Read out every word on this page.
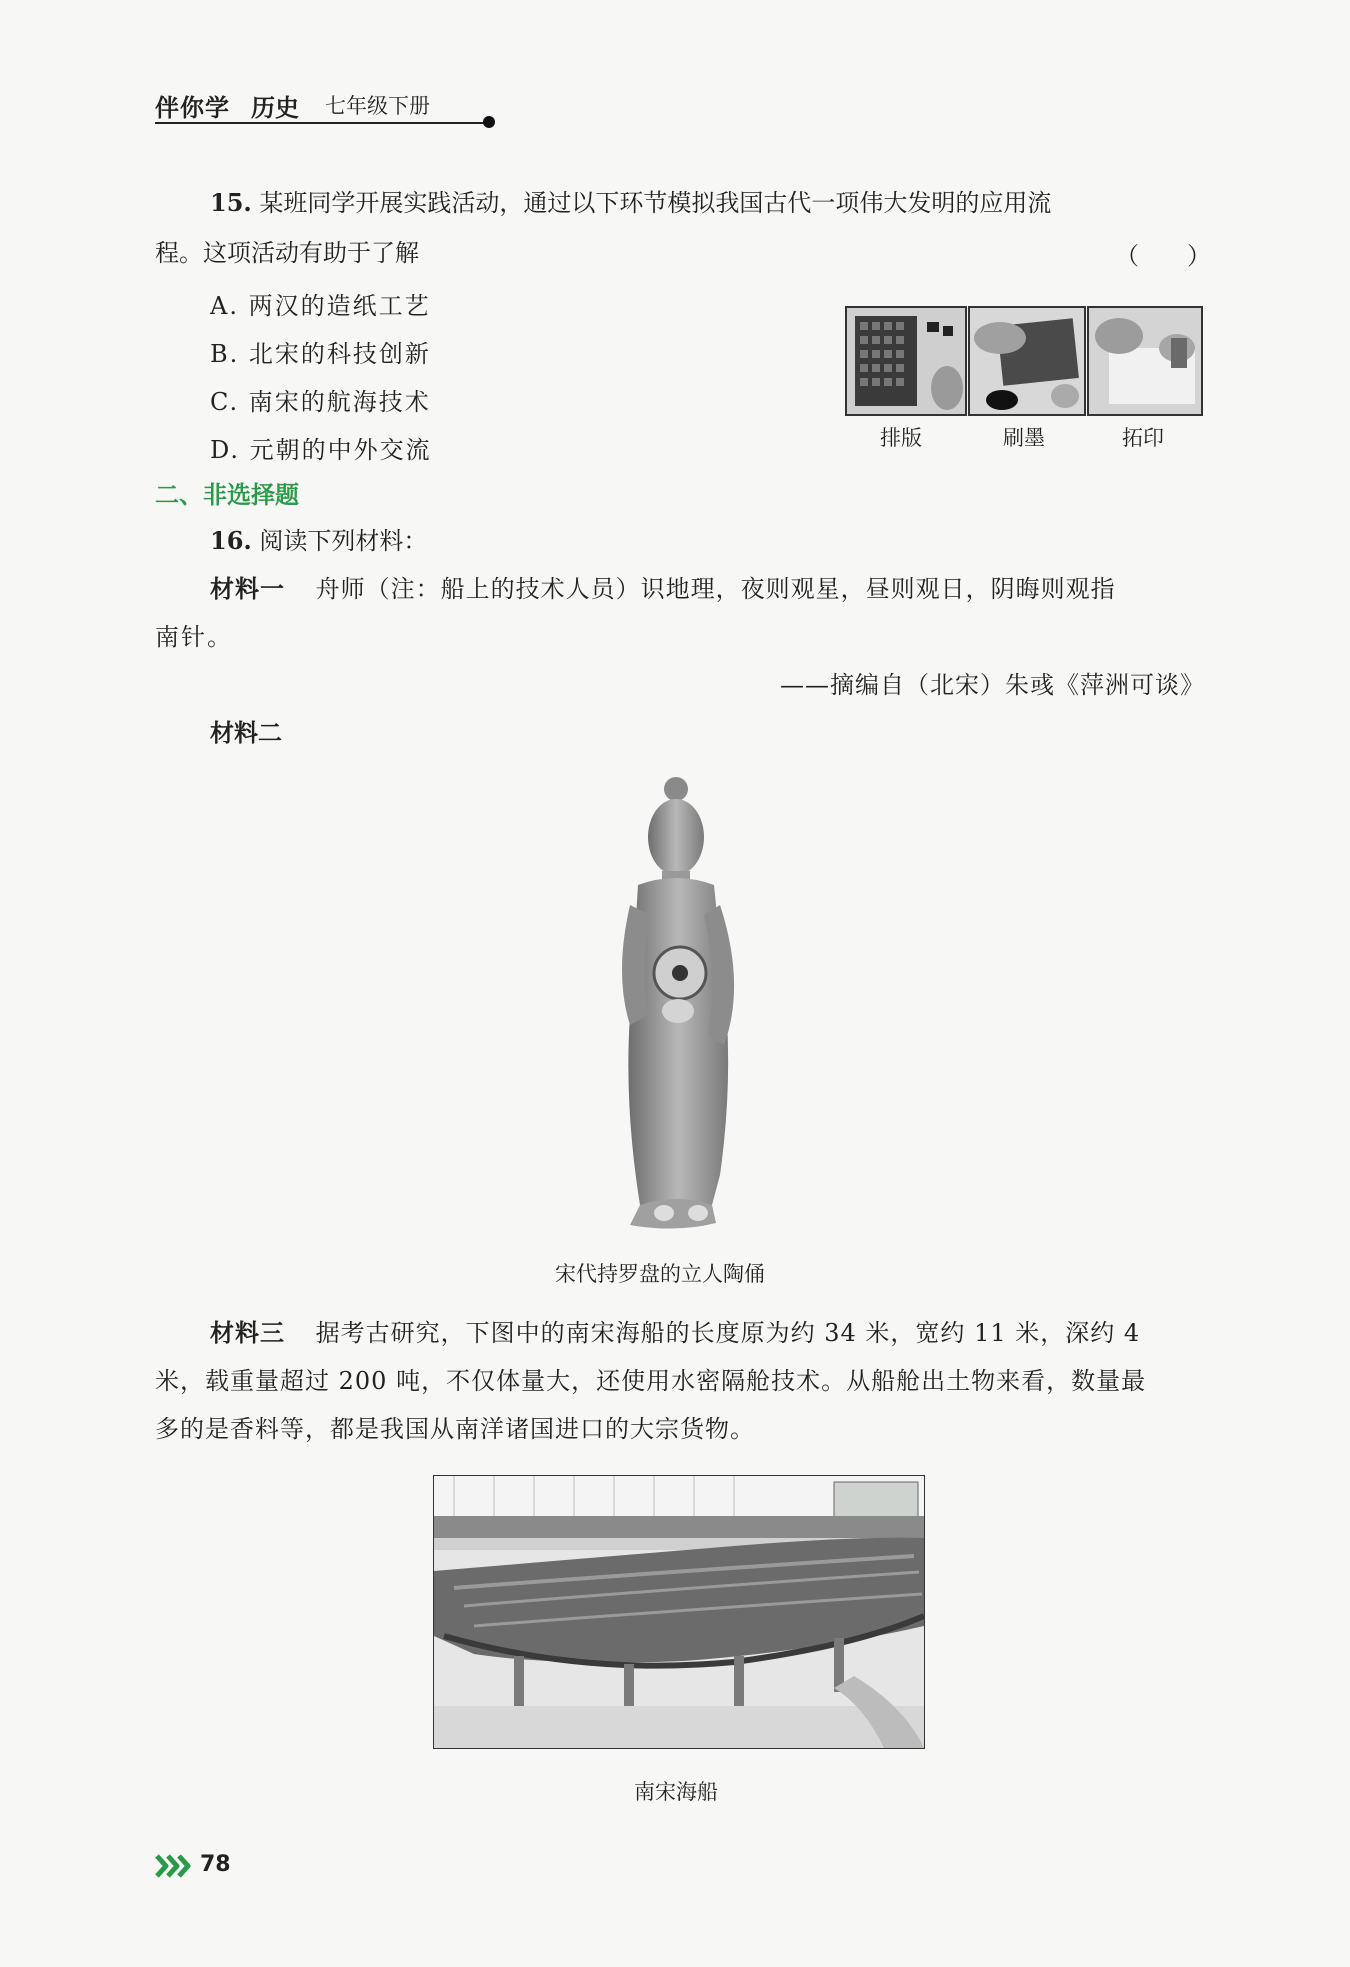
伴你学 历史 七年级下册
15. 某班同学开展实践活动，通过以下环节模拟我国古代一项伟大发明的应用流
程。这项活动有助于了解	（　　）
A. 两汉的造纸工艺
B. 北宋的科技创新
C. 南宋的航海技术
D. 元朝的中外交流	排版	刷墨	拓印
二、非选择题
16. 阅读下列材料：
材料一 舟师（注：船上的技术人员）识地理，夜则观星，昼则观日，阴晦则观指
南针。
——摘编自（北宋）朱彧《萍洲可谈》
材料二
宋代持罗盘的立人陶俑
材料三 据考古研究，下图中的南宋海船的长度原为约 34 米，宽约 11 米，深约 4
米，载重量超过 200 吨，不仅体量大，还使用水密隔舱技术。从船舱出土物来看，数量最
多的是香料等，都是我国从南洋诸国进口的大宗货物。
南宋海船
78
